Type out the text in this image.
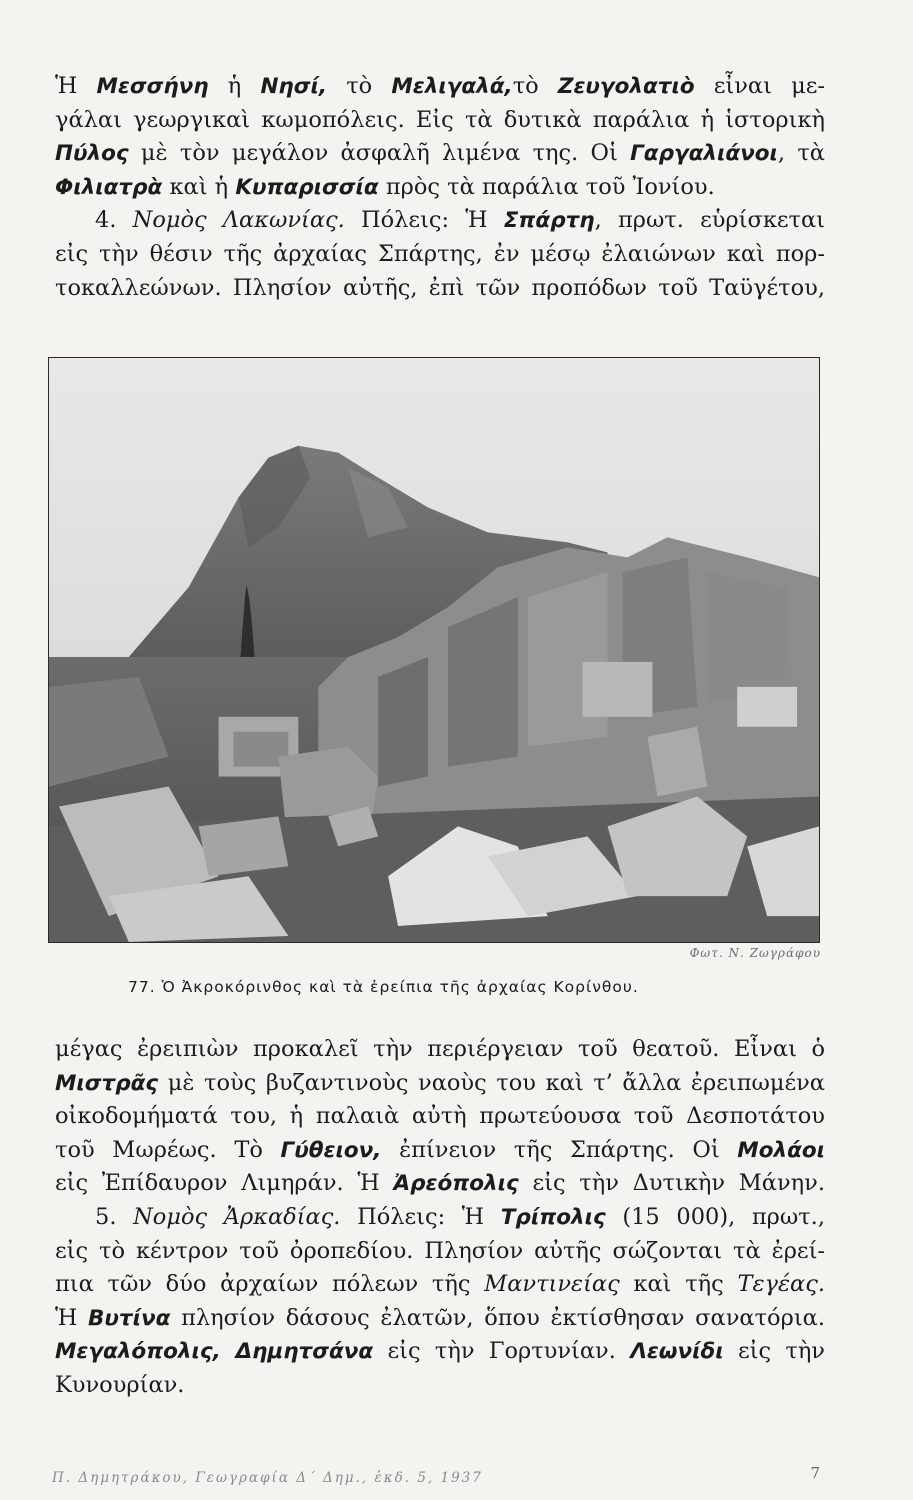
Ἡ Μεσσήνη ἡ Νησί, τὸ Μελιγαλά,τὸ Ζευγολατιὸ εἶναι με-
γάλαι γεωργικαὶ κωμοπόλεις. Εἰς τὰ δυτικὰ παράλια ἡ ἱστορικὴ
Πύλος μὲ τὸν μεγάλον ἀσφαλῆ λιμένα της. Οἱ Γαργαλιάνοι, τὰ
Φιλιατρὰ καὶ ἡ Κυπαρισσία πρὸς τὰ παράλια τοῦ Ἰονίου.
4. Νομὸς Λακωνίας. Πόλεις: Ἡ Σπάρτη, πρωτ. εὑρίσκεται
εἰς τὴν θέσιν τῆς ἀρχαίας Σπάρτης, ἐν μέσῳ ἐλαιώνων καὶ πορ-
τοκαλλεώνων. Πλησίον αὐτῆς, ἐπὶ τῶν προπόδων τοῦ Ταϋγέτου,
Φωτ. Ν. Ζωγράφου
77. Ὁ Ἀκροκόρινθος καὶ τὰ ἐρείπια τῆς ἀρχαίας Κορίνθου.
μέγας ἐρειπιὼν προκαλεῖ τὴν περιέργειαν τοῦ θεατοῦ. Εἶναι ὁ
Μιστρᾶς μὲ τοὺς βυζαντινοὺς ναοὺς του καὶ τ’ ἄλλα ἐρειπωμένα
οἰκοδομήματά του, ἡ παλαιὰ αὐτὴ πρωτεύουσα τοῦ Δεσποτάτου
τοῦ Μωρέως. Τὸ Γύθειον, ἐπίνειον τῆς Σπάρτης. Οἱ Μολάοι
εἰς Ἐπίδαυρον Λιμηράν. Ἡ Ἀρεόπολις εἰς τὴν Δυτικὴν Μάνην.
5. Νομὸς Ἀρκαδίας. Πόλεις: Ἡ Τρίπολις (15 000), πρωτ.,
εἰς τὸ κέντρον τοῦ ὀροπεδίου. Πλησίον αὐτῆς σώζονται τὰ ἐρεί-
πια τῶν δύο ἀρχαίων πόλεων τῆς Μαντινείας καὶ τῆς Τεγέας.
Ἡ Βυτίνα πλησίον δάσους ἐλατῶν, ὅπου ἐκτίσθησαν σανατόρια.
Μεγαλόπολις, Δημητσάνα εἰς τὴν Γορτυνίαν. Λεωνίδι εἰς τὴν
Κυνουρίαν.
Π. Δημητράκου, Γεωγραφία Δ΄ Δημ., ἐκδ. 5, 1937	7
